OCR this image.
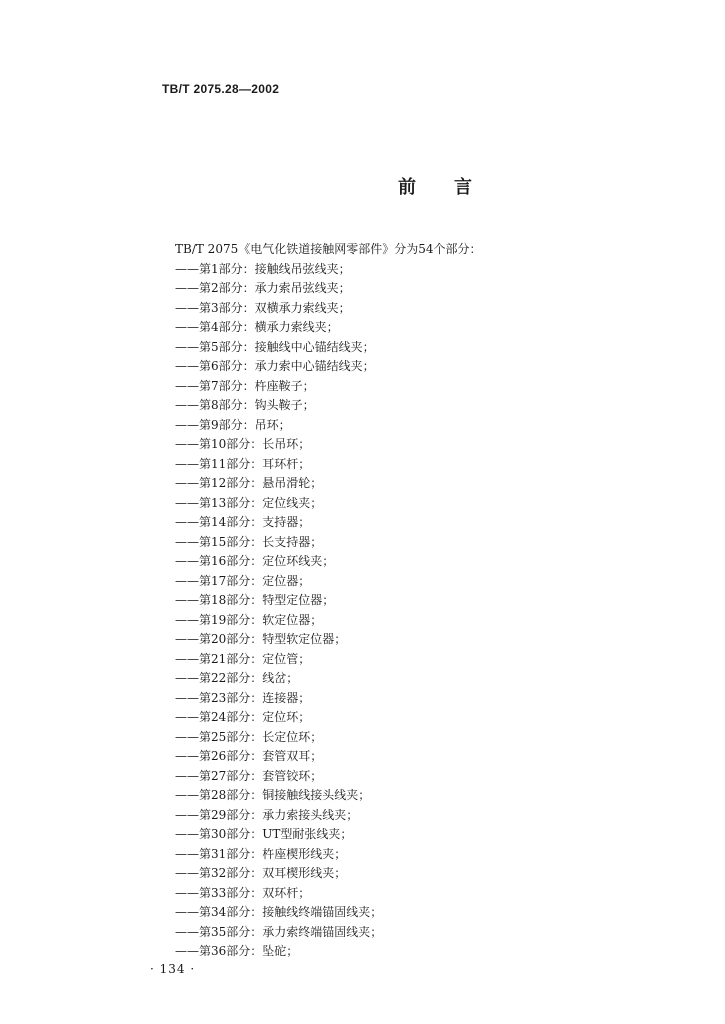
TB/T 2075.28—2002
前言
TB/T 2075《电气化铁道接触网零部件》分为54个部分：
——第1部分：接触线吊弦线夹；
——第2部分：承力索吊弦线夹；
——第3部分：双横承力索线夹；
——第4部分：横承力索线夹；
——第5部分：接触线中心锚结线夹；
——第6部分：承力索中心锚结线夹；
——第7部分：杵座鞍子；
——第8部分：钩头鞍子；
——第9部分：吊环；
——第10部分：长吊环；
——第11部分：耳环杆；
——第12部分：悬吊滑轮；
——第13部分：定位线夹；
——第14部分：支持器；
——第15部分：长支持器；
——第16部分：定位环线夹；
——第17部分：定位器；
——第18部分：特型定位器；
——第19部分：软定位器；
——第20部分：特型软定位器；
——第21部分：定位管；
——第22部分：线岔；
——第23部分：连接器；
——第24部分：定位环；
——第25部分：长定位环；
——第26部分：套管双耳；
——第27部分：套管铰环；
——第28部分：铜接触线接头线夹；
——第29部分：承力索接头线夹；
——第30部分：UT型耐张线夹；
——第31部分：杵座楔形线夹；
——第32部分：双耳楔形线夹；
——第33部分：双环杆；
——第34部分：接触线终端锚固线夹；
——第35部分：承力索终端锚固线夹；
——第36部分：坠砣；
· 134 ·
